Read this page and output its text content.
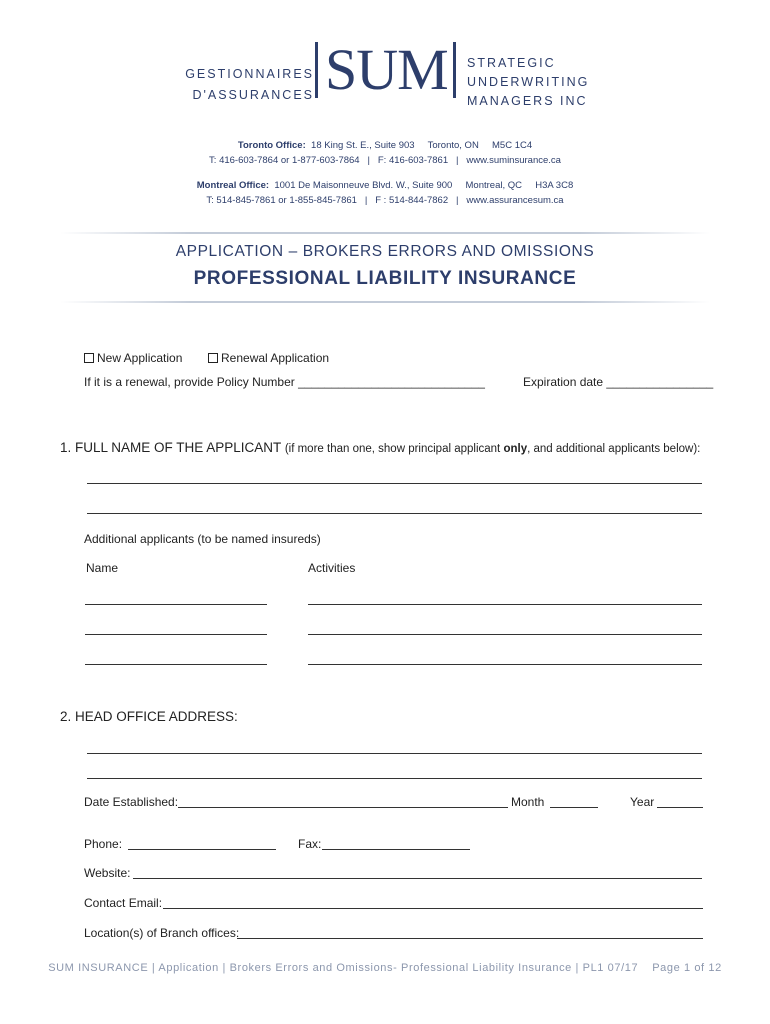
GESTIONNAIRES
D'ASSURANCES SUM STRATEGIC
UNDERWRITING
MANAGERS INC
Toronto Office: 18 King St. E., Suite 903     Toronto, ON     M5C 1C4
T: 416-603-7864 or 1-877-603-7864   |   F: 416-603-7861   |   www.suminsurance.ca
Montreal Office: 1001 De Maisonneuve Blvd. W., Suite 900     Montreal, QC     H3A 3C8
T: 514-845-7861 or 1-855-845-7861   |   F : 514-844-7862   |   www.assurancesum.ca
APPLICATION – BROKERS ERRORS AND OMISSIONS
PROFESSIONAL LIABILITY INSURANCE
New Application	Renewal Application
If it is a renewal, provide Policy Number ____________________________	Expiration date ________________
1. FULL NAME OF THE APPLICANT (if more than one, show principal applicant only, and additional applicants below):
Additional applicants (to be named insureds)
Name	Activities
2. HEAD OFFICE ADDRESS:
Date Established:	Month	Year
Phone:	Fax:
Website:
Contact Email:
Location(s) of Branch offices:
SUM INSURANCE | Application | Brokers Errors and Omissions- Professional Liability Insurance | PL1 07/17 Page 1 of 12
